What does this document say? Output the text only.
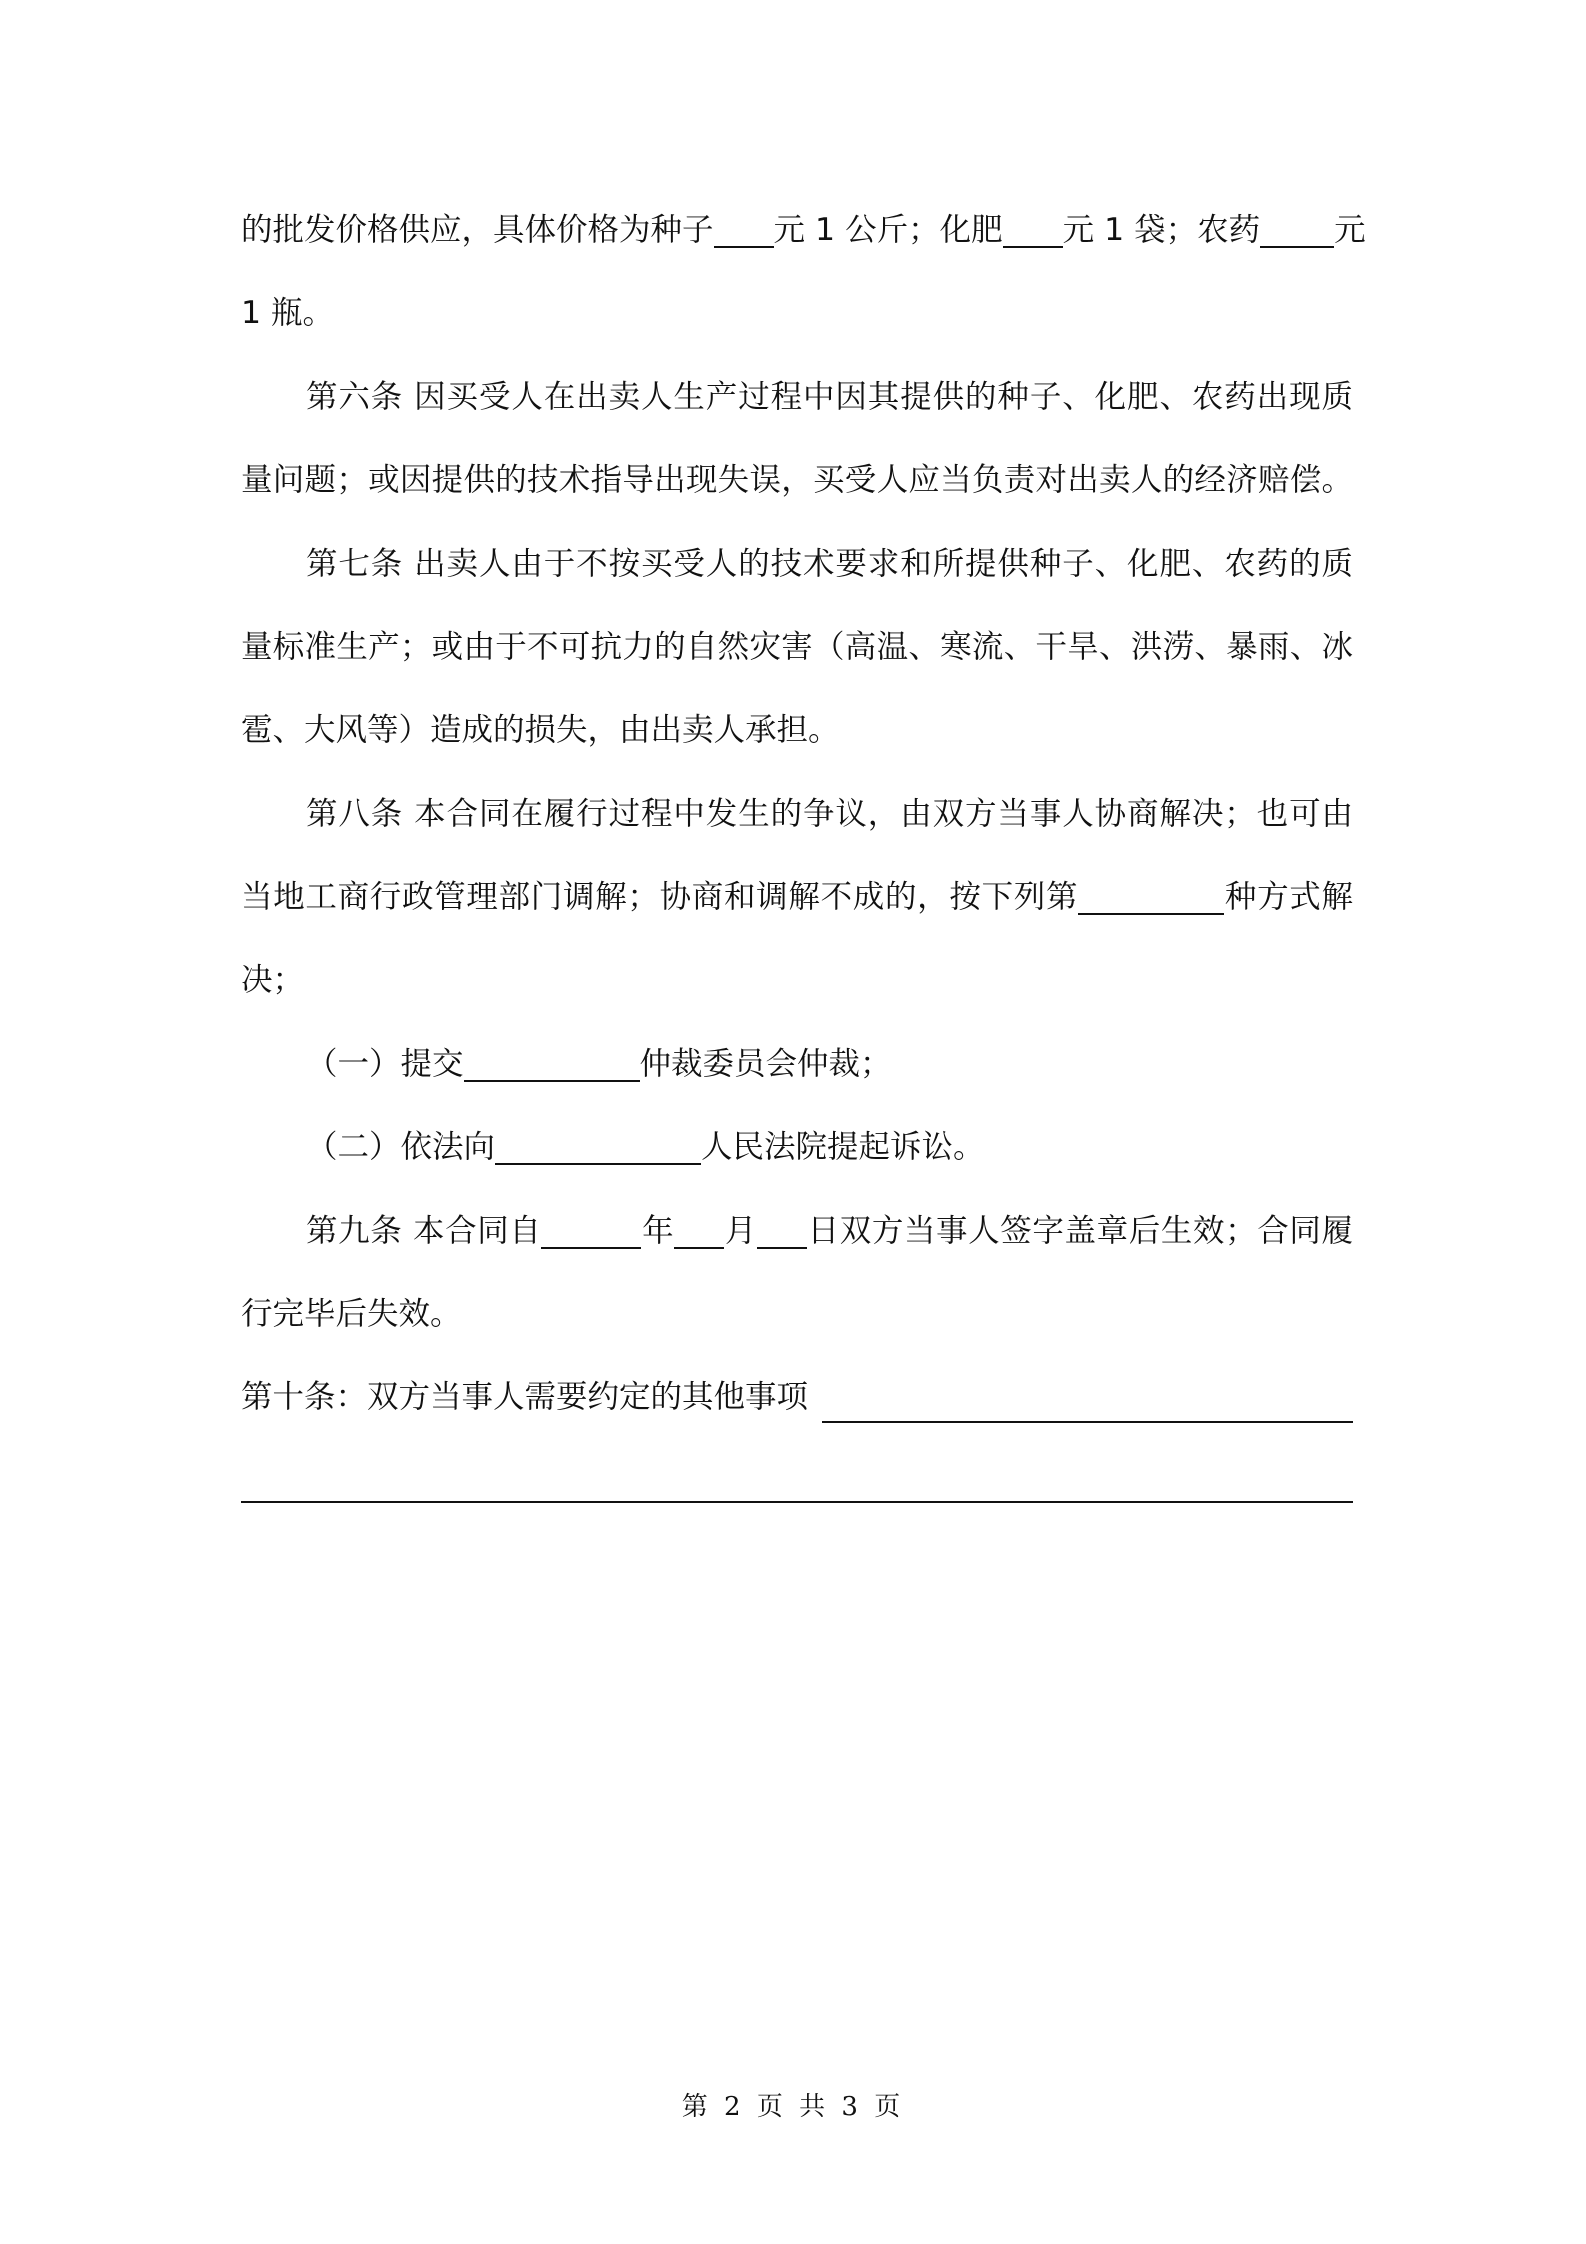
的批发价格供应，具体价格为种子 元 1 公斤；化肥 元 1 袋；农药 元
1 瓶。
第六条 因买受人在出卖人生产过程中因其提供的种子、化肥、农药出现质
量问题；或因提供的技术指导出现失误，买受人应当负责对出卖人的经济赔偿。
第七条 出卖人由于不按买受人的技术要求和所提供种子、化肥、农药的质
量标准生产；或由于不可抗力的自然灾害（高温、寒流、干旱、洪涝、暴雨、冰
雹、大风等）造成的损失，由出卖人承担。
第八条 本合同在履行过程中发生的争议，由双方当事人协商解决；也可由
当地工商行政管理部门调解；协商和调解不成的，按下列第	种方式解
决；
（一）提交	仲裁委员会仲裁；
（二）依法向	人民法院提起诉讼。
第九条 本合同自	年 月 日双方当事人签字盖章后生效；合同履
行完毕后失效。
第十条：双方当事人需要约定的其他事项
第 2 页 共 3 页
